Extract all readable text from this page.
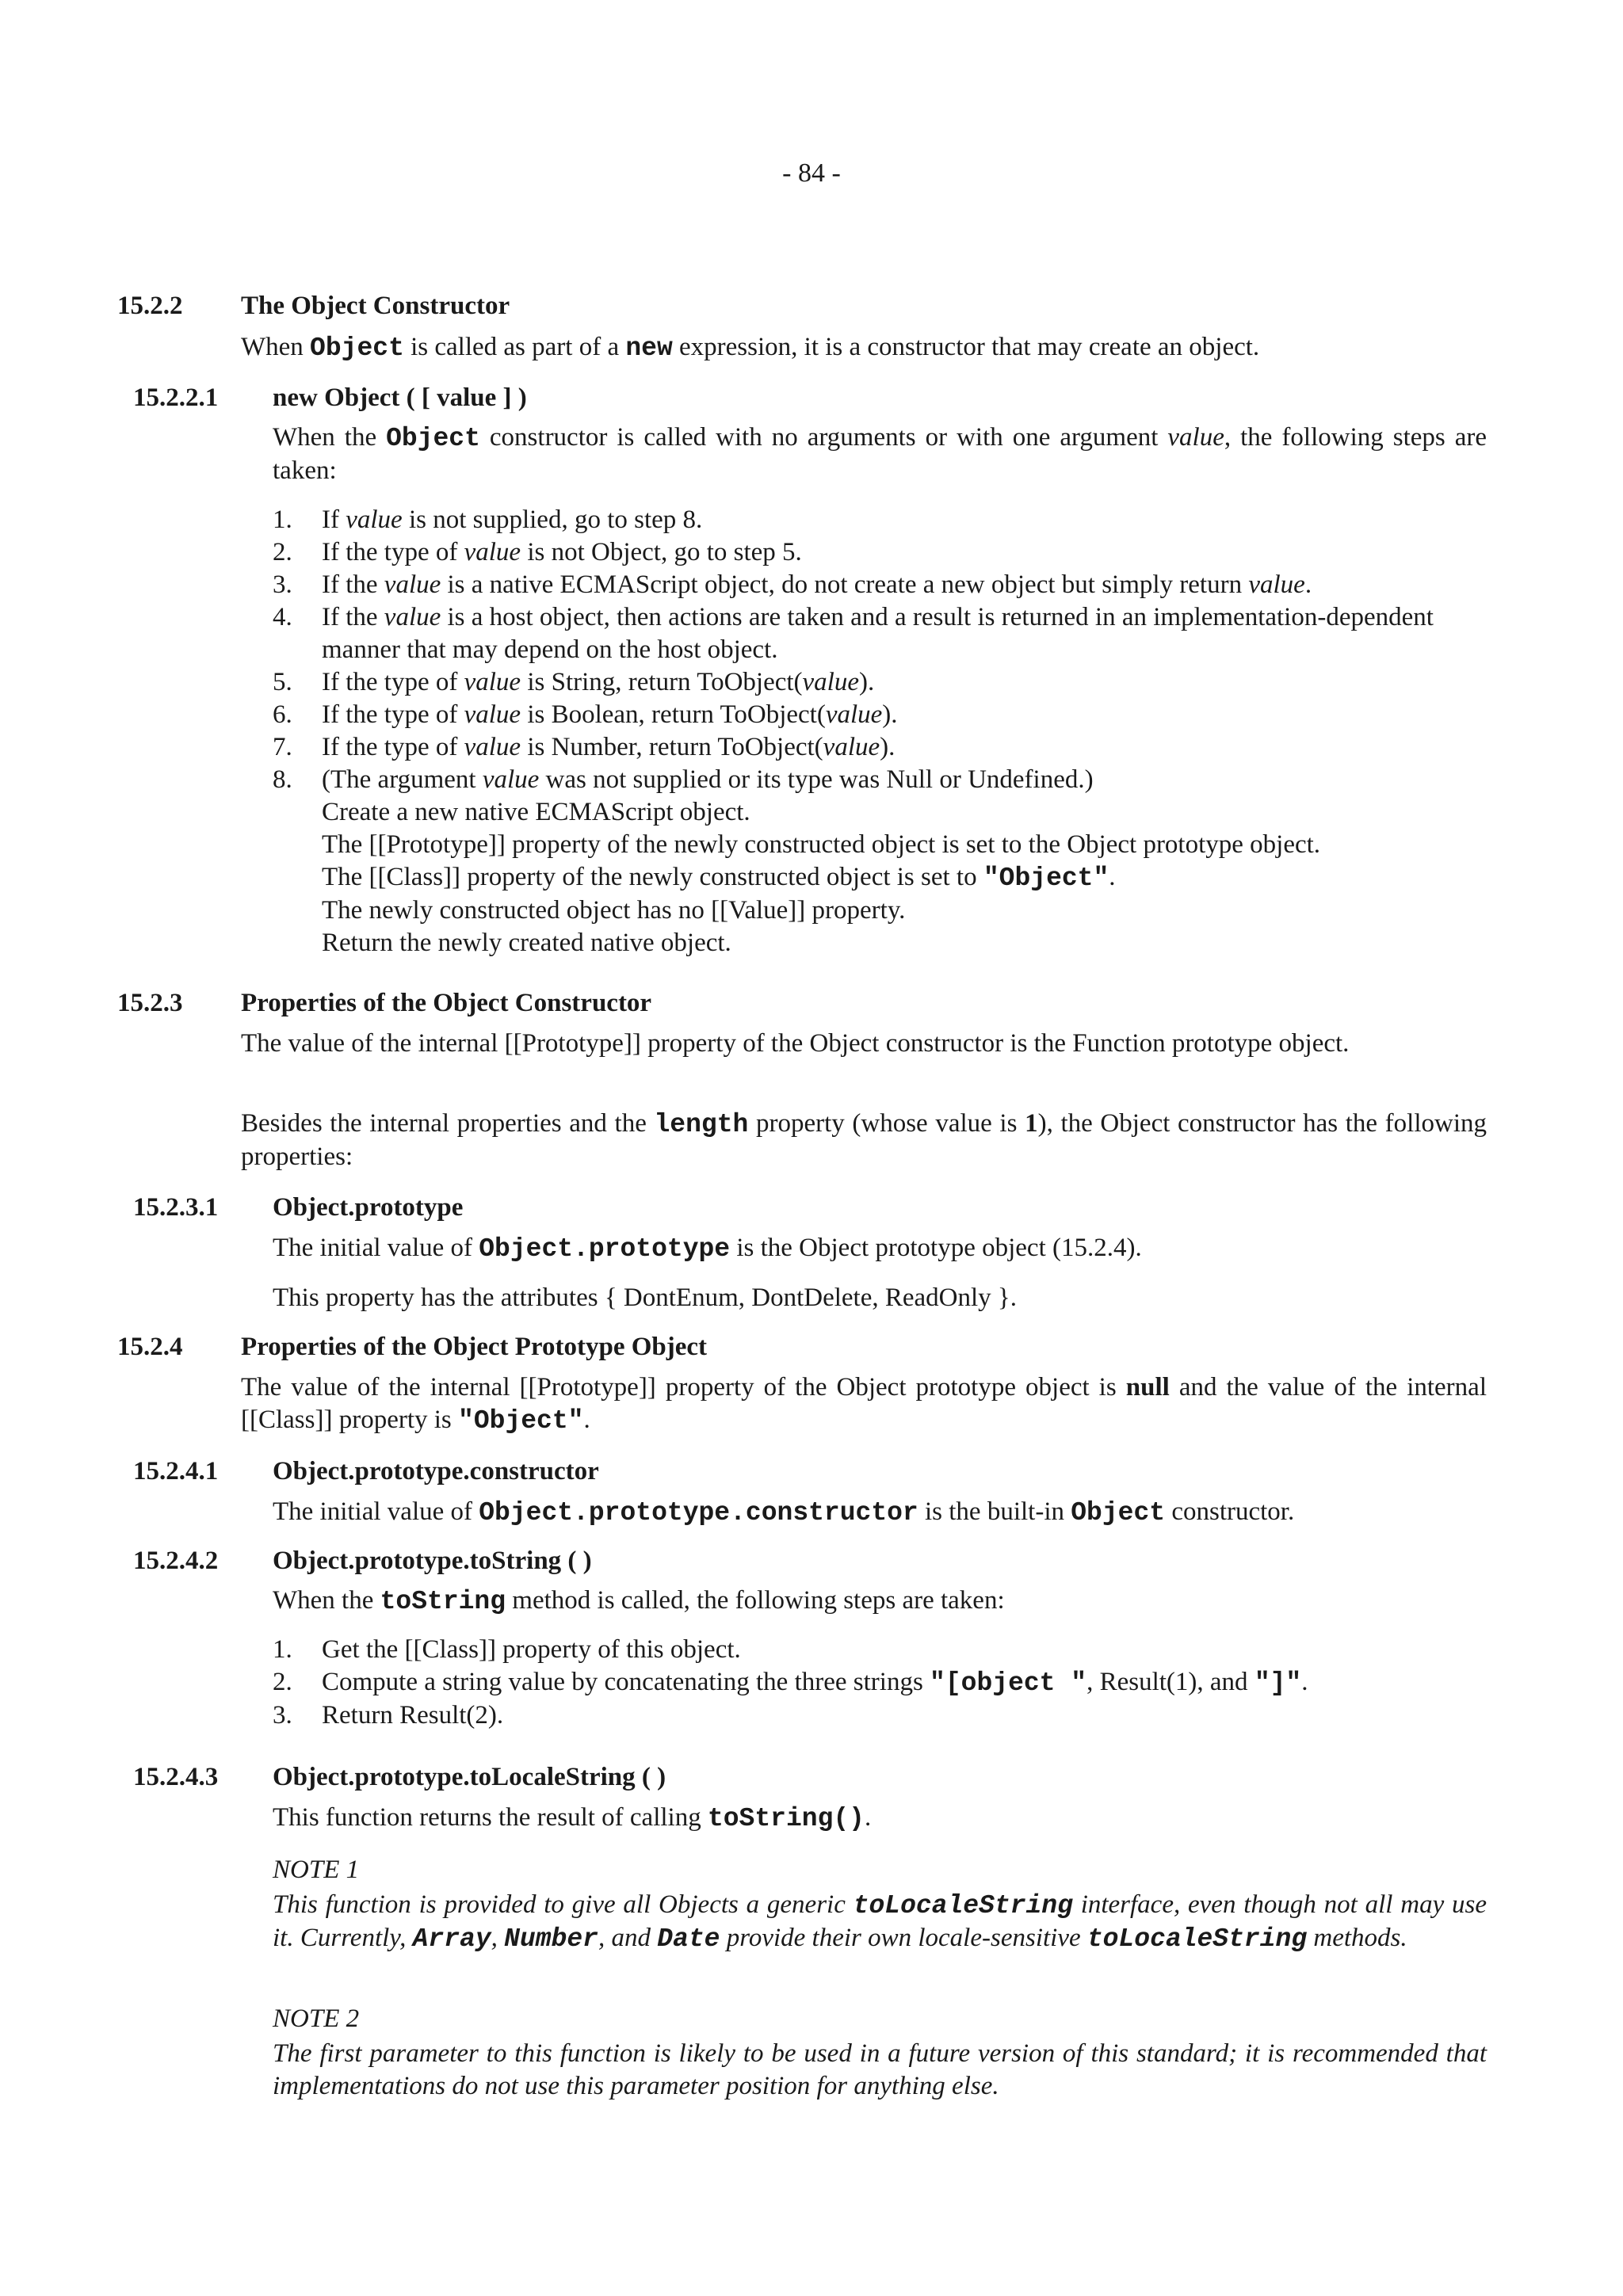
- 84 -
15.2.2 The Object Constructor
When Object is called as part of a new expression, it is a constructor that may create an object.
15.2.2.1 new Object ( [ value ] )
When the Object constructor is called with no arguments or with one argument value, the following steps are taken:
1. If value is not supplied, go to step 8.
2. If the type of value is not Object, go to step 5.
3. If the value is a native ECMAScript object, do not create a new object but simply return value.
4. If the value is a host object, then actions are taken and a result is returned in an implementation-dependent manner that may depend on the host object.
5. If the type of value is String, return ToObject(value).
6. If the type of value is Boolean, return ToObject(value).
7. If the type of value is Number, return ToObject(value).
8. (The argument value was not supplied or its type was Null or Undefined.)
Create a new native ECMAScript object.
The [[Prototype]] property of the newly constructed object is set to the Object prototype object.
The [[Class]] property of the newly constructed object is set to "Object".
The newly constructed object has no [[Value]] property.
Return the newly created native object.
15.2.3 Properties of the Object Constructor
The value of the internal [[Prototype]] property of the Object constructor is the Function prototype object.
Besides the internal properties and the length property (whose value is 1), the Object constructor has the following properties:
15.2.3.1 Object.prototype
The initial value of Object.prototype is the Object prototype object (15.2.4).
This property has the attributes { DontEnum, DontDelete, ReadOnly }.
15.2.4 Properties of the Object Prototype Object
The value of the internal [[Prototype]] property of the Object prototype object is null and the value of the internal [[Class]] property is "Object".
15.2.4.1 Object.prototype.constructor
The initial value of Object.prototype.constructor is the built-in Object constructor.
15.2.4.2 Object.prototype.toString ( )
When the toString method is called, the following steps are taken:
1. Get the [[Class]] property of this object.
2. Compute a string value by concatenating the three strings "[object ", Result(1), and "]".
3. Return Result(2).
15.2.4.3 Object.prototype.toLocaleString ( )
This function returns the result of calling toString().
NOTE 1
This function is provided to give all Objects a generic toLocaleString interface, even though not all may use it. Currently, Array, Number, and Date provide their own locale-sensitive toLocaleString methods.
NOTE 2
The first parameter to this function is likely to be used in a future version of this standard; it is recommended that implementations do not use this parameter position for anything else.
